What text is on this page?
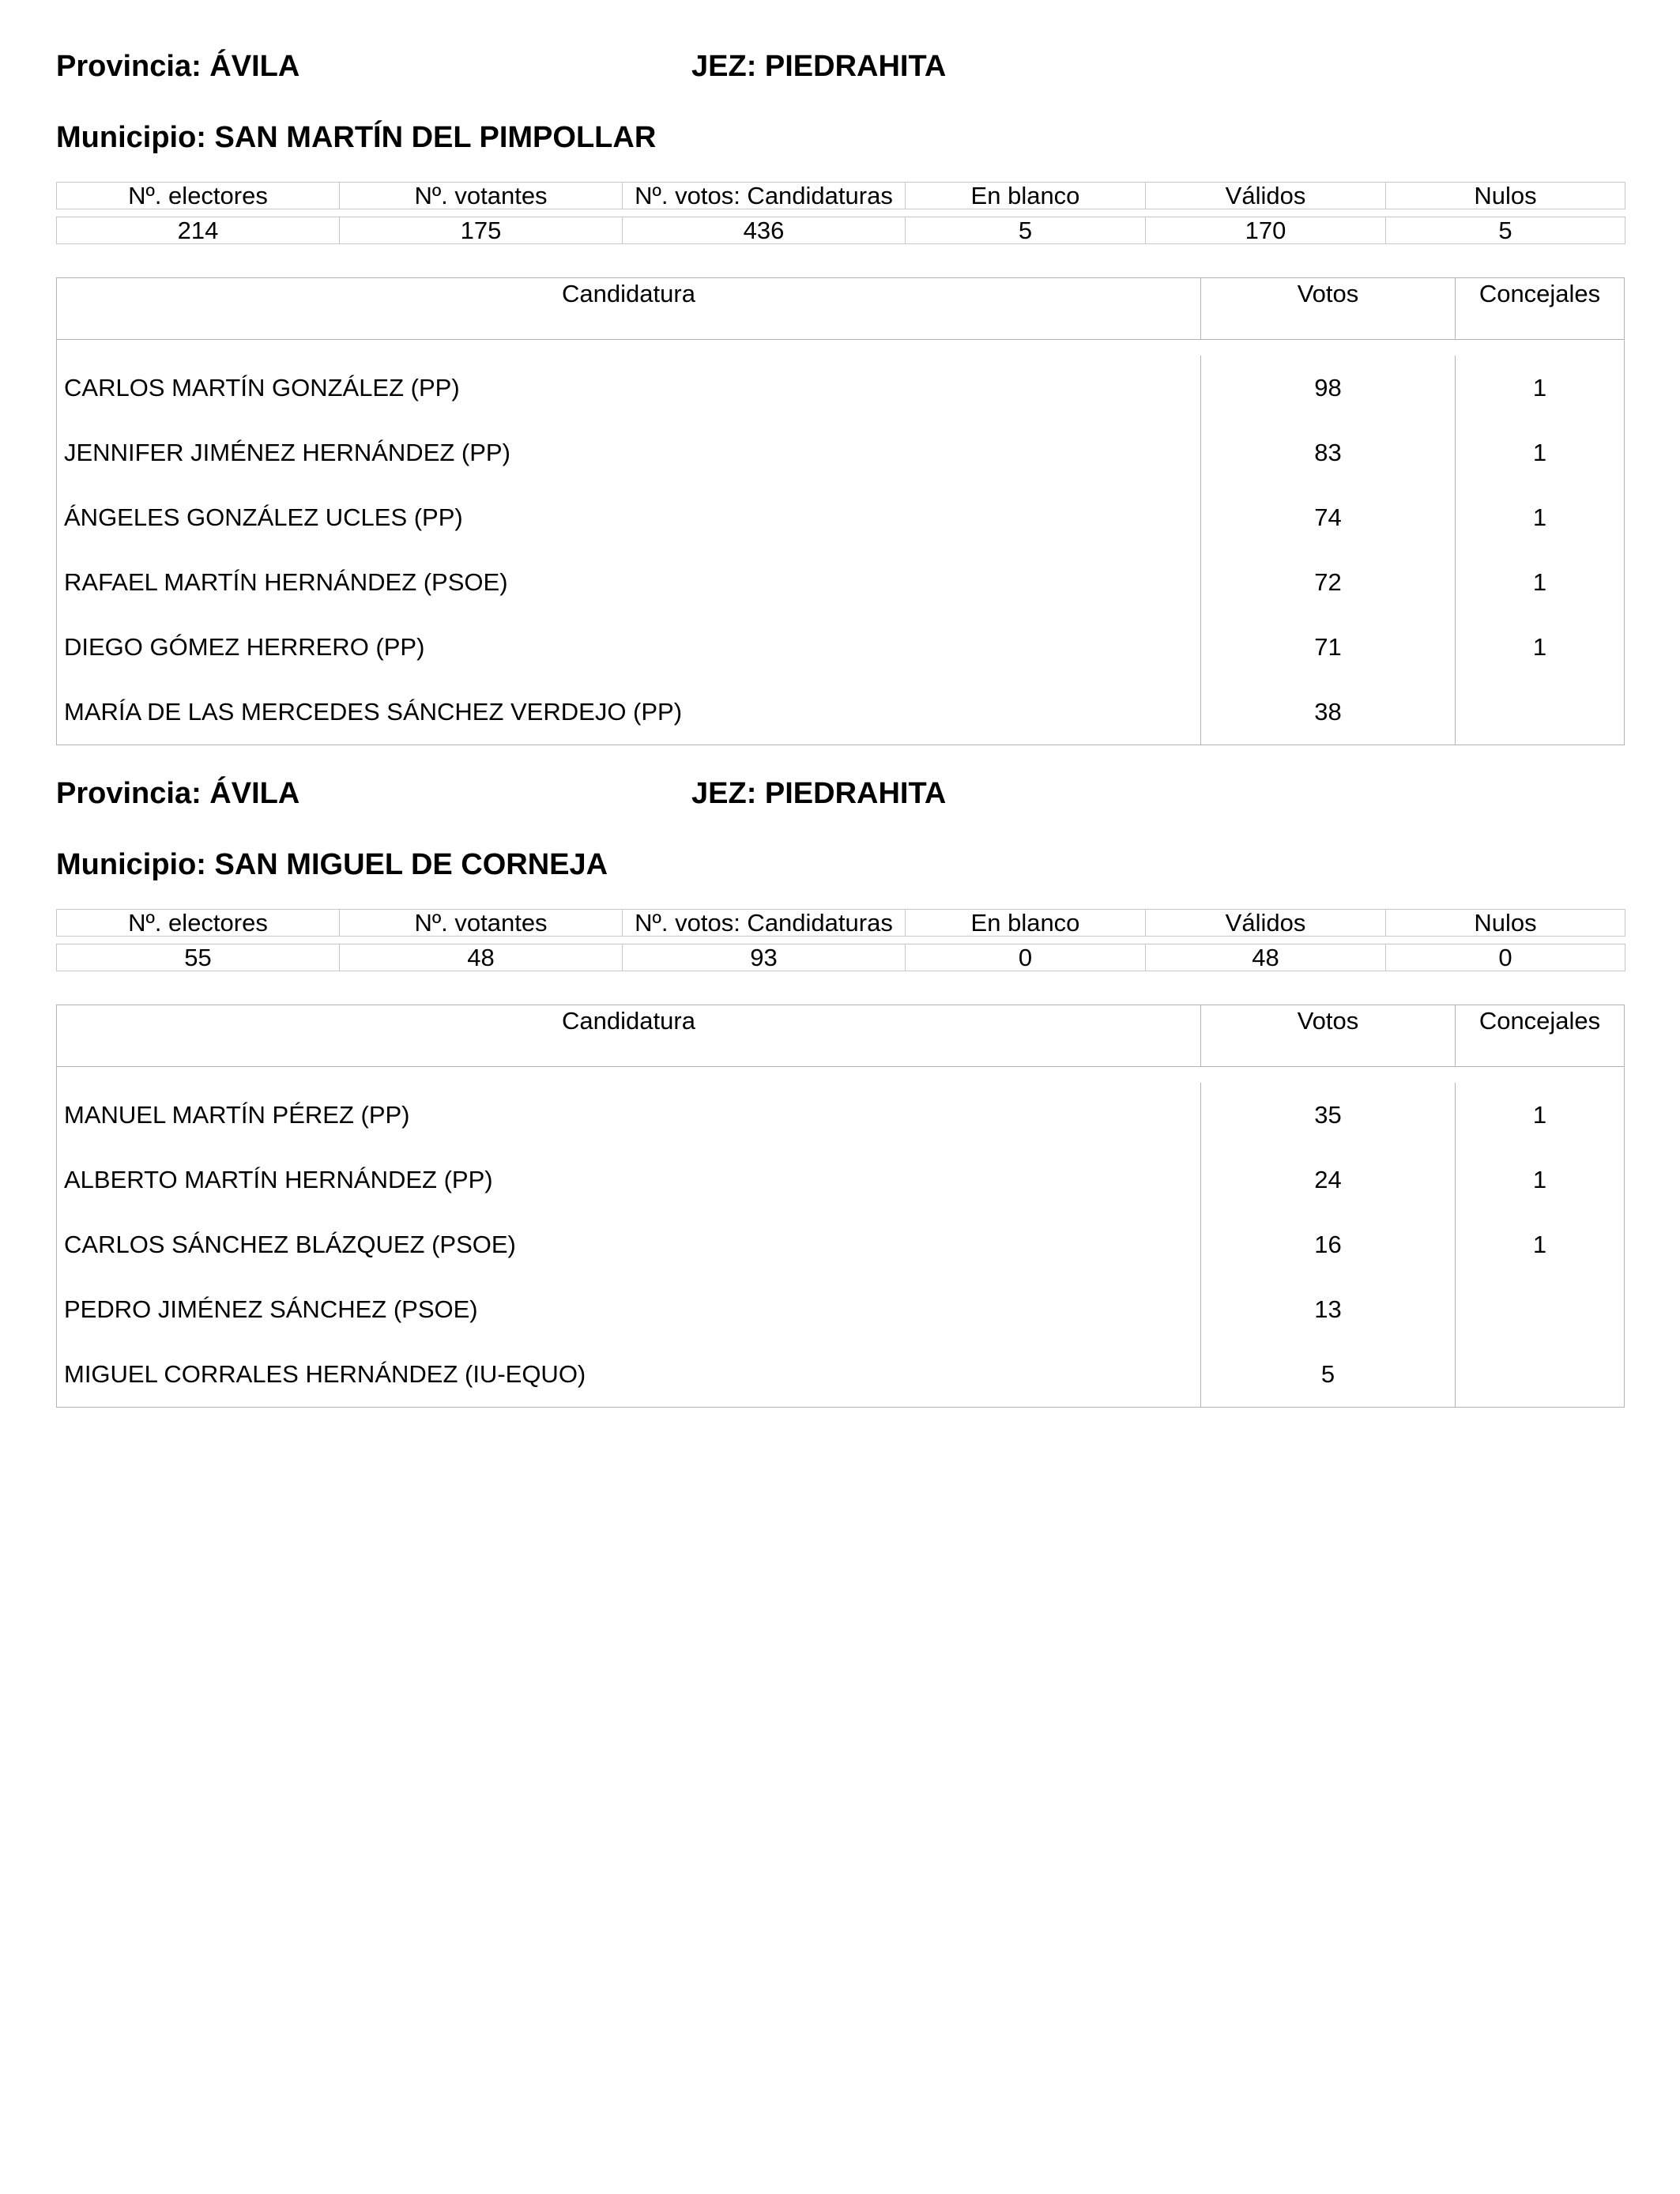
Provincia: ÁVILA	JEZ: PIEDRAHITA
Municipio: SAN MARTÍN DEL PIMPOLLAR
Nº. electores	Nº. votantes	Nº. votos: Candidaturas	En blanco	Válidos	Nulos

214	175	436	5	170	5
Candidatura	Votos	Concejales
CARLOS MARTÍN GONZÁLEZ (PP)	98	1
JENNIFER JIMÉNEZ HERNÁNDEZ (PP)	83	1
ÁNGELES GONZÁLEZ UCLES (PP)	74	1
RAFAEL MARTÍN HERNÁNDEZ (PSOE)	72	1
DIEGO GÓMEZ HERRERO (PP)	71	1
MARÍA DE LAS MERCEDES SÁNCHEZ VERDEJO (PP)	38
Provincia: ÁVILA	JEZ: PIEDRAHITA
Municipio: SAN MIGUEL DE CORNEJA
Nº. electores	Nº. votantes	Nº. votos: Candidaturas	En blanco	Válidos	Nulos

55	48	93	0	48	0
Candidatura	Votos	Concejales
MANUEL MARTÍN PÉREZ (PP)	35	1
ALBERTO MARTÍN HERNÁNDEZ (PP)	24	1
CARLOS SÁNCHEZ BLÁZQUEZ (PSOE)	16	1
PEDRO JIMÉNEZ SÁNCHEZ (PSOE)	13
MIGUEL CORRALES HERNÁNDEZ (IU-EQUO)	5
